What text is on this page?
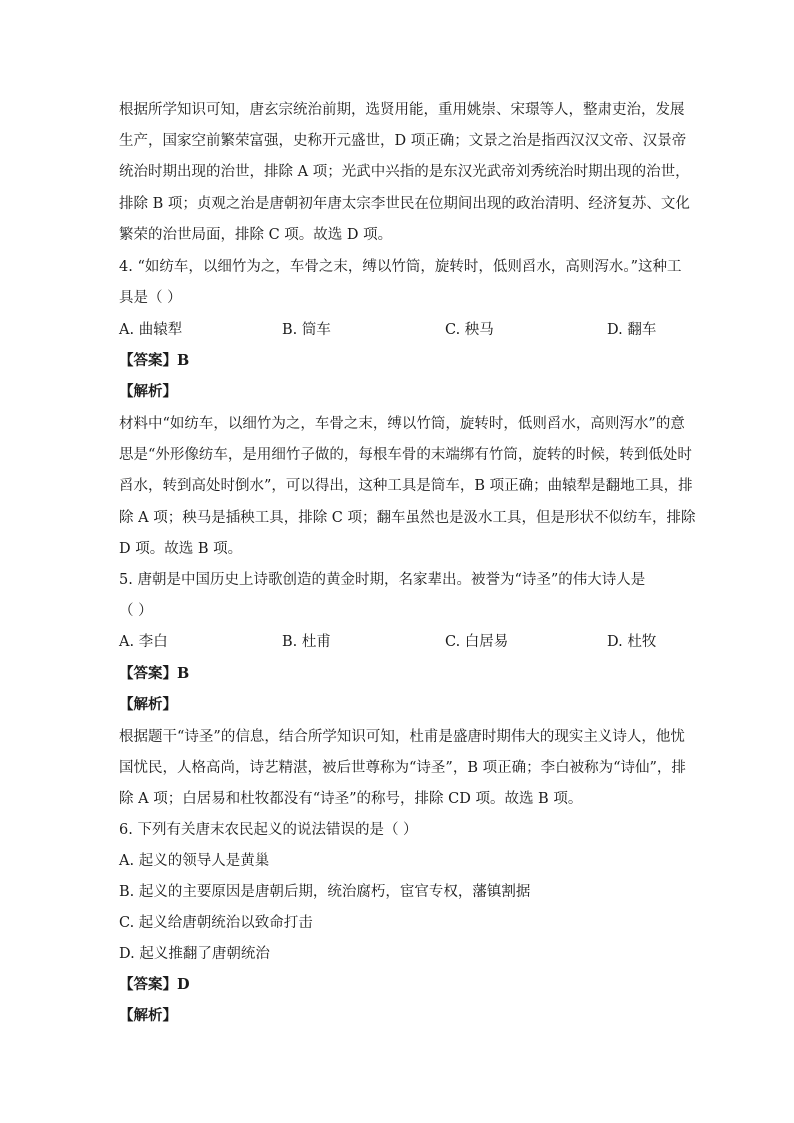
根据所学知识可知，唐玄宗统治前期，选贤用能，重用姚崇、宋璟等人，整肃吏治，发展
生产，国家空前繁荣富强，史称开元盛世，D 项正确；文景之治是指西汉汉文帝、汉景帝
统治时期出现的治世，排除 A 项；光武中兴指的是东汉光武帝刘秀统治时期出现的治世，
排除 B 项；贞观之治是唐朝初年唐太宗李世民在位期间出现的政治清明、经济复苏、文化
繁荣的治世局面，排除 C 项。故选 D 项。
4. “如纺车，以细竹为之，车骨之末，缚以竹筒，旋转时，低则舀水，高则泻水。”这种工
具是（ ）
A. 曲辕犁	B. 筒车	C. 秧马	D. 翻车
【答案】B
【解析】
材料中“如纺车，以细竹为之，车骨之末，缚以竹筒，旋转时，低则舀水，高则泻水”的意
思是“外形像纺车，是用细竹子做的，每根车骨的末端绑有竹筒，旋转的时候，转到低处时
舀水，转到高处时倒水”，可以得出，这种工具是筒车，B 项正确；曲辕犁是翻地工具，排
除 A 项；秧马是插秧工具，排除 C 项；翻车虽然也是汲水工具，但是形状不似纺车，排除
D 项。故选 B 项。
5. 唐朝是中国历史上诗歌创造的黄金时期，名家辈出。被誉为“诗圣”的伟大诗人是
（ ）
A. 李白	B. 杜甫	C. 白居易	D. 杜牧
【答案】B
【解析】
根据题干“诗圣”的信息，结合所学知识可知，杜甫是盛唐时期伟大的现实主义诗人，他忧
国忧民，人格高尚，诗艺精湛，被后世尊称为“诗圣”，B 项正确；李白被称为“诗仙”，排
除 A 项；白居易和杜牧都没有“诗圣”的称号，排除 CD 项。故选 B 项。
6. 下列有关唐末农民起义的说法错误的是（ ）
A. 起义的领导人是黄巢
B. 起义的主要原因是唐朝后期，统治腐朽，宦官专权，藩镇割据
C. 起义给唐朝统治以致命打击
D. 起义推翻了唐朝统治
【答案】D
【解析】
